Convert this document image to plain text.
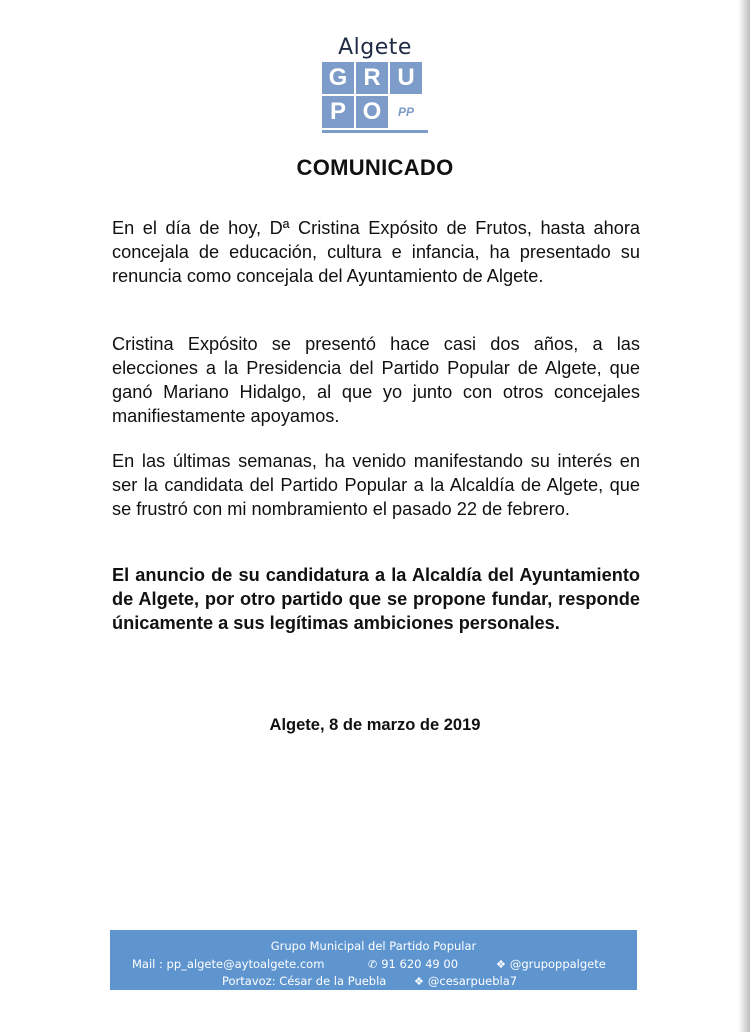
Algete
G R U
P O	PP
COMUNICADO

En el día de hoy, Dª Cristina Expósito de Frutos, hasta ahora concejala de educación, cultura e infancia, ha presentado su renuncia como concejala del Ayuntamiento de Algete.

Cristina Expósito se presentó hace casi dos años, a las elecciones a la Presidencia del Partido Popular de Algete, que ganó Mariano Hidalgo, al que yo junto con otros concejales manifiestamente apoyamos.

En las últimas semanas, ha venido manifestando su interés en ser la candidata del Partido Popular a la Alcaldía de Algete, que se frustró con mi nombramiento el pasado 22 de febrero.

El anuncio de su candidatura a la Alcaldía del Ayuntamiento de Algete, por otro partido que se propone fundar, responde únicamente a sus legítimas ambiciones personales.

Algete, 8 de marzo de 2019
Grupo Municipal del Partido Popular
Mail : pp_algete@aytoalgete.com	✆ 91 620 49 00	❖ @grupoppalgete
Portavoz: César de la Puebla	❖ @cesarpuebla7
